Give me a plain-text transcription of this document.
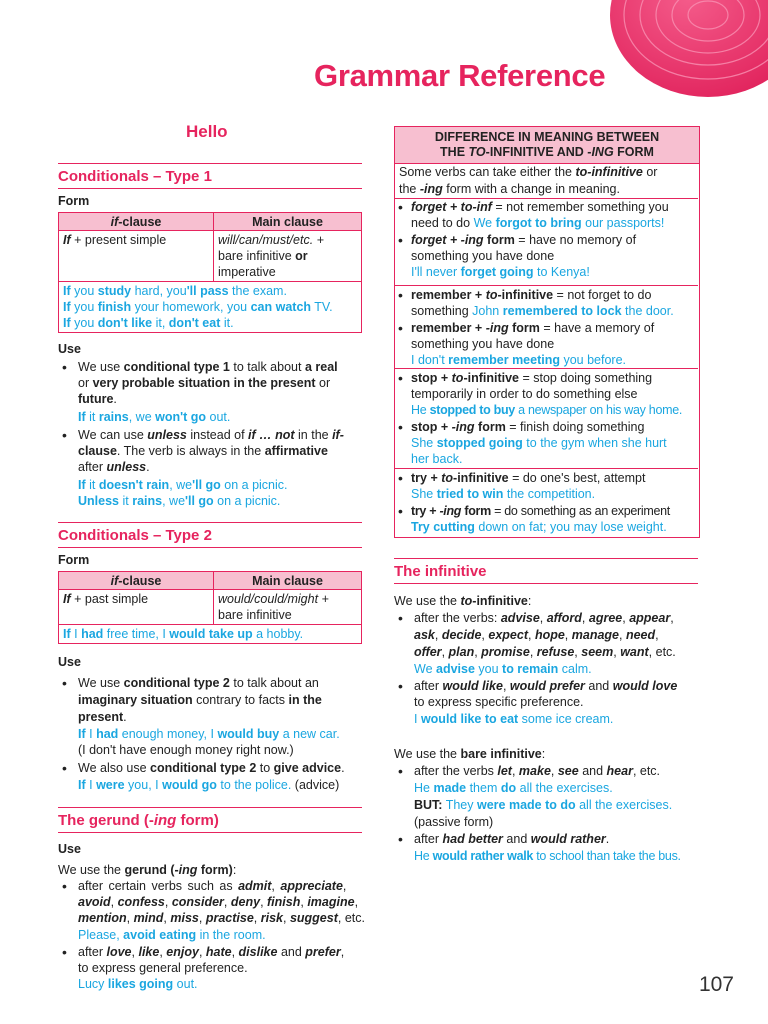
Grammar Reference
Hello
Conditionals – Type 1
Form
if-clause	Main clause
If + present simple	will/can/must/etc. +
bare infinitive or
imperative
If you study hard, you'll pass the exam.
If you finish your homework, you can watch TV.
If you don't like it, don't eat it.	
Use
• We use conditional type 1 to talk about a real
or very probable situation in the present or
future.
If it rains, we won't go out.
• We can use unless instead of if … not in the if-
clause. The verb is always in the affirmative
after unless.
If it doesn't rain, we'll go on a picnic.
Unless it rains, we'll go on a picnic.
Conditionals – Type 2
Form
if-clause	Main clause
If + past simple	would/could/might +
bare infinitive
If I had free time, I would take up a hobby.	
Use
• We use conditional type 2 to talk about an
imaginary situation contrary to facts in the
present.
If I had enough money, I would buy a new car.
(I don't have enough money right now.)
• We also use conditional type 2 to give advice.
If I were you, I would go to the police. (advice)
The gerund (-ing form)
Use
We use the gerund (-ing form):
• after certain verbs such as admit, appreciate,
avoid, confess, consider, deny, finish, imagine,
mention, mind, miss, practise, risk, suggest, etc.
Please, avoid eating in the room.
• after love, like, enjoy, hate, dislike and prefer,
to express general preference.
Lucy likes going out.
DIFFERENCE IN MEANING BETWEEN
THE TO-INFINITIVE AND -ING FORM
Some verbs can take either the to-infinitive or
the -ing form with a change in meaning.
• forget + to-inf = not remember something you
need to do We forgot to bring our passports!
• forget + -ing form = have no memory of
something you have done
I'll never forget going to Kenya!
• remember + to-infinitive = not forget to do
something John remembered to lock the door.
• remember + -ing form = have a memory of
something you have done
I don't remember meeting you before.
• stop + to-infinitive = stop doing something
temporarily in order to do something else
He stopped to buy a newspaper on his way home.
• stop + -ing form = finish doing something
She stopped going to the gym when she hurt
her back.
• try + to-infinitive = do one's best, attempt
She tried to win the competition.
• try + -ing form = do something as an experiment
Try cutting down on fat; you may lose weight.
The infinitive
We use the to-infinitive:
• after the verbs: advise, afford, agree, appear,
ask, decide, expect, hope, manage, need,
offer, plan, promise, refuse, seem, want, etc.
We advise you to remain calm.
• after would like, would prefer and would love
to express specific preference.
I would like to eat some ice cream.
We use the bare infinitive:
• after the verbs let, make, see and hear, etc.
He made them do all the exercises.
BUT: They were made to do all the exercises.
(passive form)
• after had better and would rather.
He would rather walk to school than take the bus.
107
